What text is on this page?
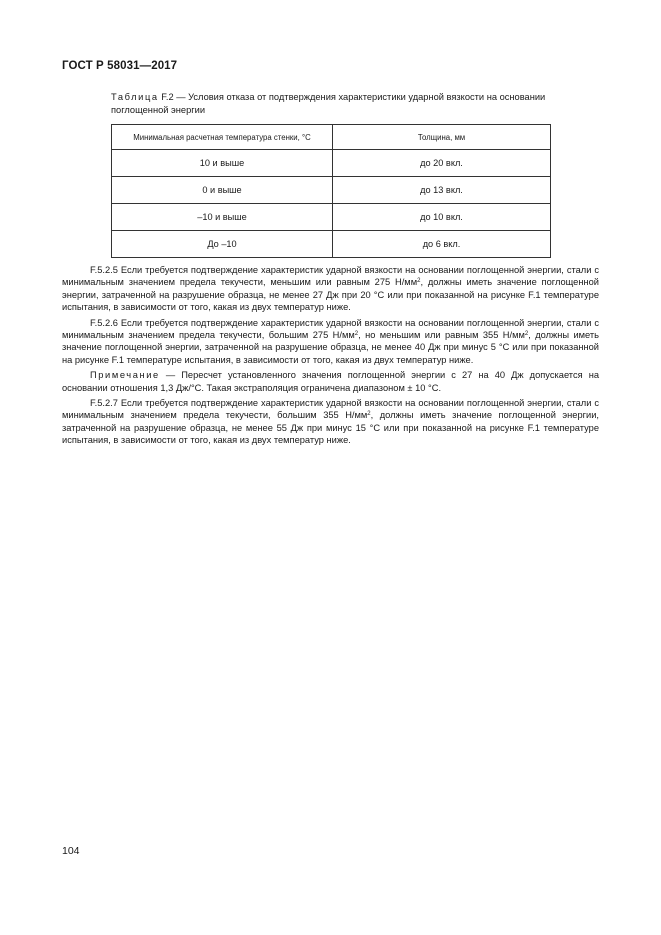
ГОСТ Р 58031—2017
Таблица F.2 — Условия отказа от подтверждения характеристики ударной вязкости на основании поглощенной энергии
Минимальная расчетная температура стенки, °С	Толщина, мм
10 и выше	до 20 вкл.
0 и выше	до 13 вкл.
–10 и выше	до 10 вкл.
До –10	до 6 вкл.

F.5.2.5 Если требуется подтверждение характеристик ударной вязкости на основании поглощенной энергии, стали с минимальным значением предела текучести, меньшим или равным 275 $Н/мм^2$, должны иметь значение поглощенной энергии, затраченной на разрушение образца, не менее 27 Дж при 20 °С или при показанной на рисунке F.1 температуре испытания, в зависимости от того, какая из двух температур ниже.

F.5.2.6 Если требуется подтверждение характеристик ударной вязкости на основании поглощенной энергии, стали с минимальным значением предела текучести, большим 275 $Н/мм^2$, но меньшим или равным 355 $Н/мм^2$, должны иметь значение поглощенной энергии, затраченной на разрушение образца, не менее 40 Дж при минус 5 °С или при показанной на рисунке F.1 температуре испытания, в зависимости от того, какая из двух температур ниже.

Примечание — Пересчет установленного значения поглощенной энергии с 27 на 40 Дж допускается на основании отношения 1,3 Дж/°С. Такая экстраполяция ограничена диапазоном ± 10 °С.

F.5.2.7 Если требуется подтверждение характеристик ударной вязкости на основании поглощенной энергии, стали с минимальным значением предела текучести, большим 355 $Н/мм^2$, должны иметь значение поглощенной энергии, затраченной на разрушение образца, не менее 55 Дж при минус 15 °С или при показанной на рисунке F.1 температуре испытания, в зависимости от того, какая из двух температур ниже.

104
